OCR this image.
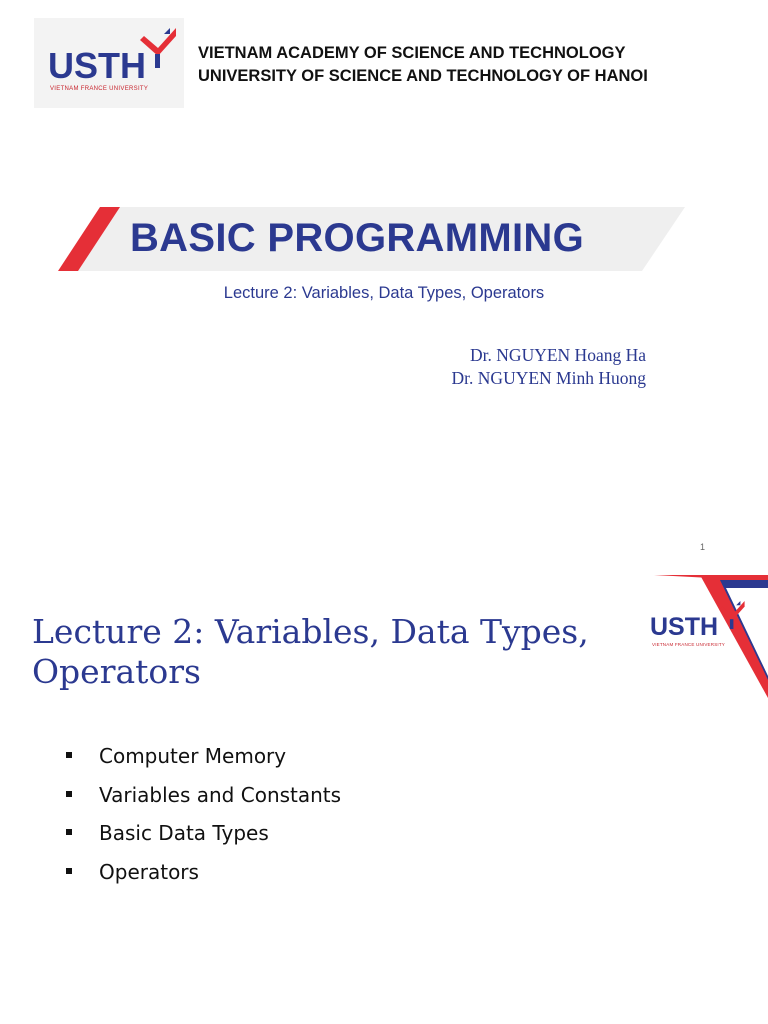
USTH
VIETNAM FRANCE UNIVERSITY
VIETNAM ACADEMY OF SCIENCE AND TECHNOLOGY
UNIVERSITY OF SCIENCE AND TECHNOLOGY OF HANOI
BASIC PROGRAMMING
Lecture 2: Variables, Data Types, Operators
Dr. NGUYEN Hoang Ha
Dr. NGUYEN Minh Huong
1
USTH
VIETNAM FRANCE UNIVERSITY
Lecture 2: Variables, Data Types, Operators
Computer Memory
Variables and Constants
Basic Data Types
Operators
